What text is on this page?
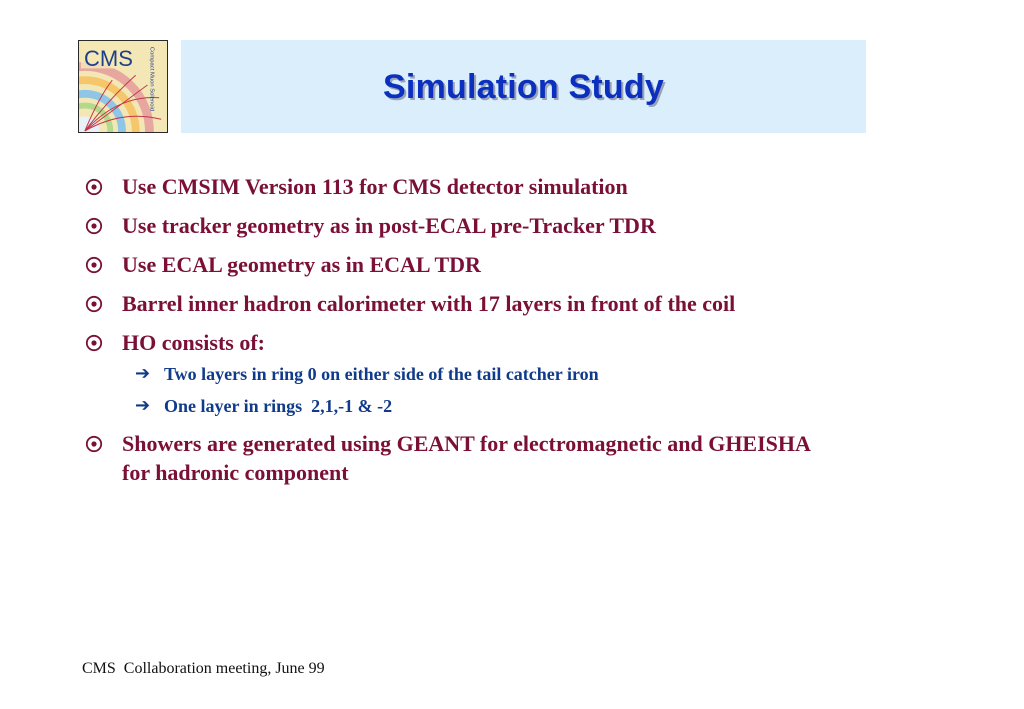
Compact Muon Solenoid
CMS
Simulation Study
Use CMSIM Version 113 for CMS detector simulation
Use tracker geometry as in post-ECAL pre-Tracker TDR
Use ECAL geometry as in ECAL TDR
Barrel inner hadron calorimeter with 17 layers in front of the coil
HO consists of:
➔ Two layers in ring 0 on either side of the tail catcher iron
➔ One layer in rings  2,1,-1 & -2
Showers are generated using GEANT for electromagnetic and GHEISHA for hadronic component
CMS  Collaboration meeting, June 99
